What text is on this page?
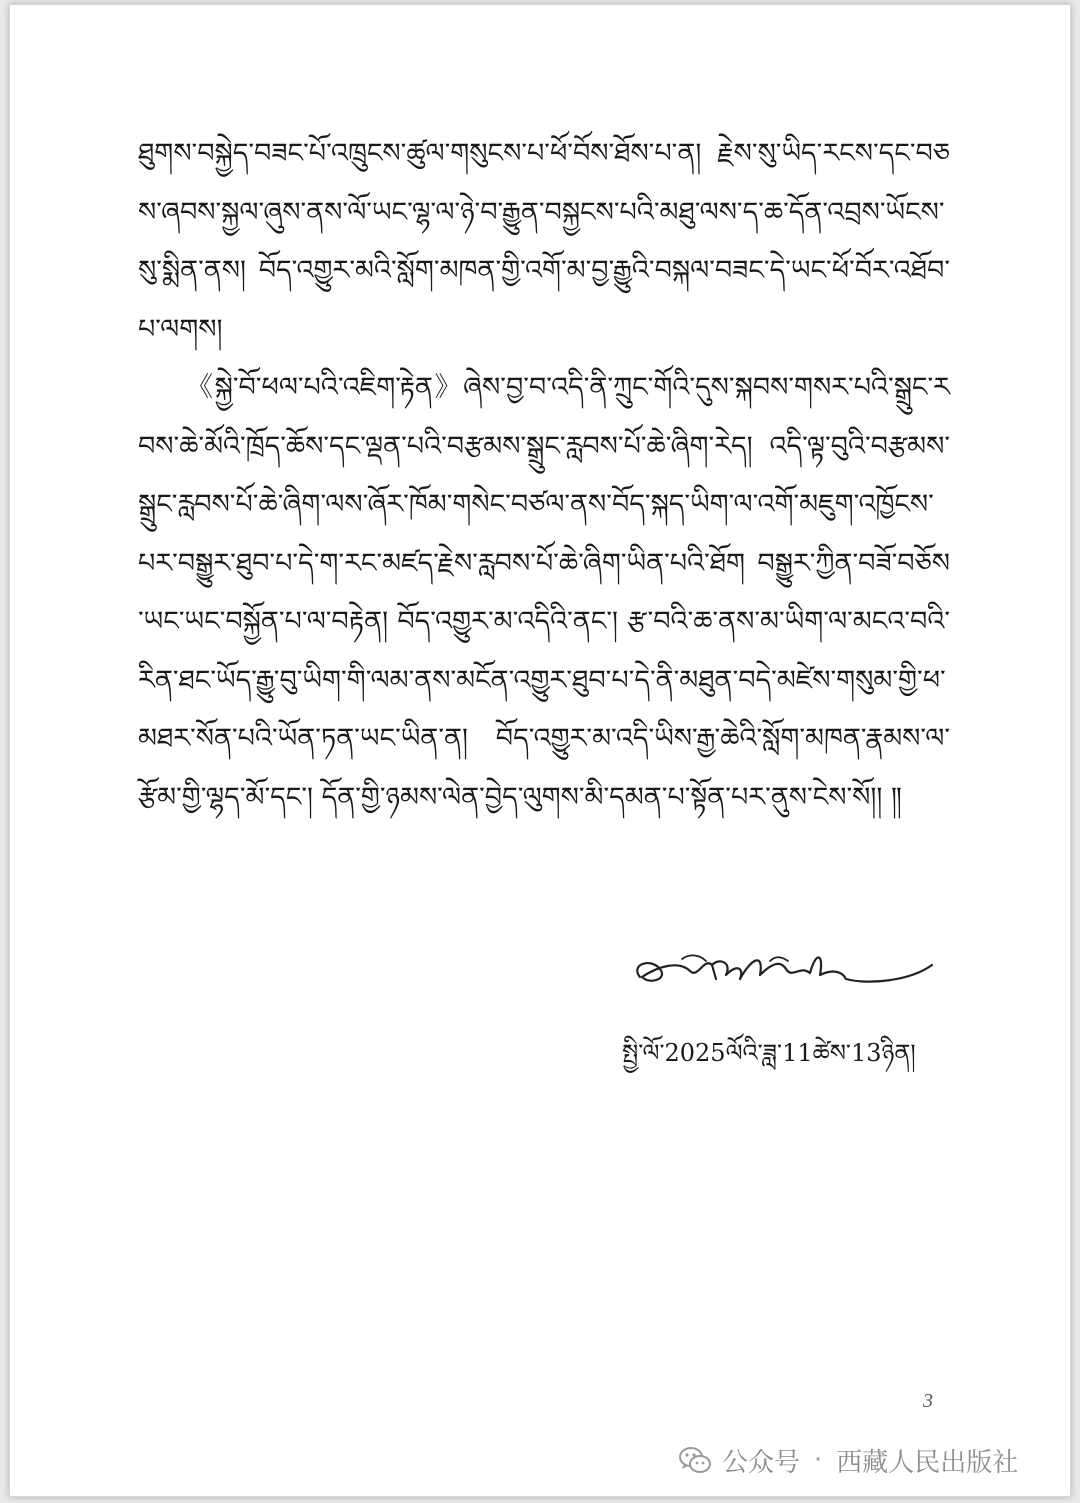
ཐུགས་བསྐྱེད་བཟང་པོ་འཁྲུངས་ཚུལ་གསུངས་པ་ཕོ་བོས་ཐོས་པ་ན། རྗེས་སུ་ཡིད་རངས་དང་བཅས་ཞབས་སྐྱལ་ཞུས་ནས་ལོ་ཡང་ལྷ་ལ་ཉེ་བ་རྒྱུན་བསྐྱངས་པའི་མཐུ་ལས་ད་ཆ་དོན་འབྲས་ཡོངས་སུ་སྨིན་ནས། བོད་འགྱུར་མའི་སློག་མཁན་གྱི་འགོ་མ་བྱ་རྒྱུའི་བསྐལ་བཟང་དེ་ཡང་ཕོ་བོར་འཐོབ་པ་ལགས།

《སྐྱེ་བོ་ཕལ་པའི་འཇིག་རྟེན》ཞེས་བྱ་བ་འདི་ནི་ཀྲུང་གོའི་དུས་སྐབས་གསར་པའི་སྒྲུང་རབས་ཆེ་མོའི་ཁྲོད་ཆོས་དང་ལྡན་པའི་བརྩམས་སྒྲུང་རླབས་པོ་ཆེ་ཞིག་རེད། འདི་ལྟ་བུའི་བརྩམས་སྒྲུང་རླབས་པོ་ཆེ་ཞིག་ལས་ཞོར་ཁོམ་གསེང་བཙལ་ནས་བོད་སྐད་ཡིག་ལ་འགོ་མཇུག་འཁྱོངས་པར་བསྒྱུར་ཐུབ་པ་དེ་ག་རང་མཛད་རྗེས་རླབས་པོ་ཆེ་ཞིག་ཡིན་པའི་ཐོག བསྒྱུར་ཀྱིན་བཟོ་བཅོས་ཡང་ཡང་བསྐྱོན་པ་ལ་བརྟེན། བོད་འགྱུར་མ་འདིའི་ནང་། རྩ་བའི་ཆ་ནས་མ་ཡིག་ལ་མངའ་བའི་རིན་ཐང་ཡོད་རྒྱུ་བུ་ཡིག་གི་ལམ་ནས་མངོན་འགྱུར་ཐུབ་པ་དེ་ནི་མཐུན་བདེ་མཛེས་གསུམ་གྱི་ཕ་མཐར་སོན་པའི་ཡོན་ཏན་ཡང་ཡིན་ན། བོད་འགྱུར་མ་འདི་ཡིས་རྒྱ་ཆེའི་སློག་མཁན་རྣམས་ལ་རྩོམ་གྱི་ལྷད་མོ་དང་། དོན་གྱི་ཉམས་ལེན་བྱེད་ལུགས་མི་དམན་པ་སྟོན་པར་ནུས་ངེས་སོ།། ༎

སྤྱི་ལོ་2025ལོའི་ཟླ་11ཚེས་13ཉིན།
3
公众号 · 西藏人民出版社
